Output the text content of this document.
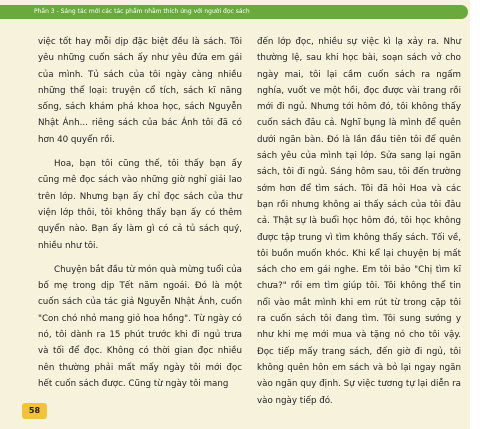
Phần 3 - Sáng tác mới các tác phẩm nhằm thích ứng với người đọc sách

việc tốt hay mỗi dịp đặc biệt đều là sách. Tôi yêu những cuốn sách ấy như yêu đứa em gái của mình. Tủ sách của tôi ngày càng nhiều những thể loại: truyện cổ tích, sách kĩ năng sống, sách khám phá khoa học, sách Nguyễn Nhật Ánh... riêng sách của bác Ánh tôi đã có hơn 40 quyển rồi.

Hoa, bạn tôi cũng thế, tôi thấy bạn ấy cũng mê đọc sách vào những giờ nghỉ giải lao trên lớp. Nhưng bạn ấy chỉ đọc sách của thư viện lớp thôi, tôi không thấy bạn ấy có thêm quyển nào. Bạn ấy làm gì có cả tủ sách quý, nhiều như tôi.

Chuyện bắt đầu từ món quà mừng tuổi của bố mẹ trong dịp Tết năm ngoái. Đó là một cuốn sách của tác giả Nguyễn Nhật Ánh, cuốn "Con chó nhỏ mang giỏ hoa hồng". Từ ngày có nó, tôi dành ra 15 phút trước khi đi ngủ trưa và tối để đọc. Không có thời gian đọc nhiều nên thường phải mất mấy ngày tôi mới đọc hết cuốn sách được. Cũng từ ngày tôi mang

đến lớp đọc, nhiều sự việc kì lạ xảy ra. Như thường lệ, sau khi học bài, soạn sách vở cho ngày mai, tôi lại cầm cuốn sách ra ngấm nghía, vuốt ve một hồi, đọc được vài trang rồi mới đi ngủ. Nhưng tới hôm đó, tôi không thấy cuốn sách đâu cả. Nghĩ bụng là mình để quên dưới ngăn bàn. Đó là lần đầu tiên tôi để quên sách yêu của mình tại lớp. Sửa sang lại ngăn sách, tôi đi ngủ. Sáng hôm sau, tôi đến trường sớm hơn để tìm sách. Tôi đã hỏi Hoa và các bạn rồi nhưng không ai thấy sách của tôi đâu cả. Thật sự là buổi học hôm đó, tôi học không được tập trung vì tìm không thấy sách. Tối về, tôi buồn muốn khóc. Khi kể lại chuyện bị mất sách cho em gái nghe. Em tôi bảo "Chị tìm kĩ chưa?" rồi em tìm giúp tôi. Tôi không thể tin nổi vào mắt mình khi em rút từ trong cặp tôi ra cuốn sách tôi đang tìm. Tôi sung sướng y như khi mẹ mới mua và tặng nó cho tôi vậy. Đọc tiếp mấy trang sách, đến giờ đi ngủ, tôi không quên hôn em sách và bỏ lại ngay ngăn vào ngăn quy định. Sự việc tương tự lại diễn ra vào ngày tiếp đó.

58
